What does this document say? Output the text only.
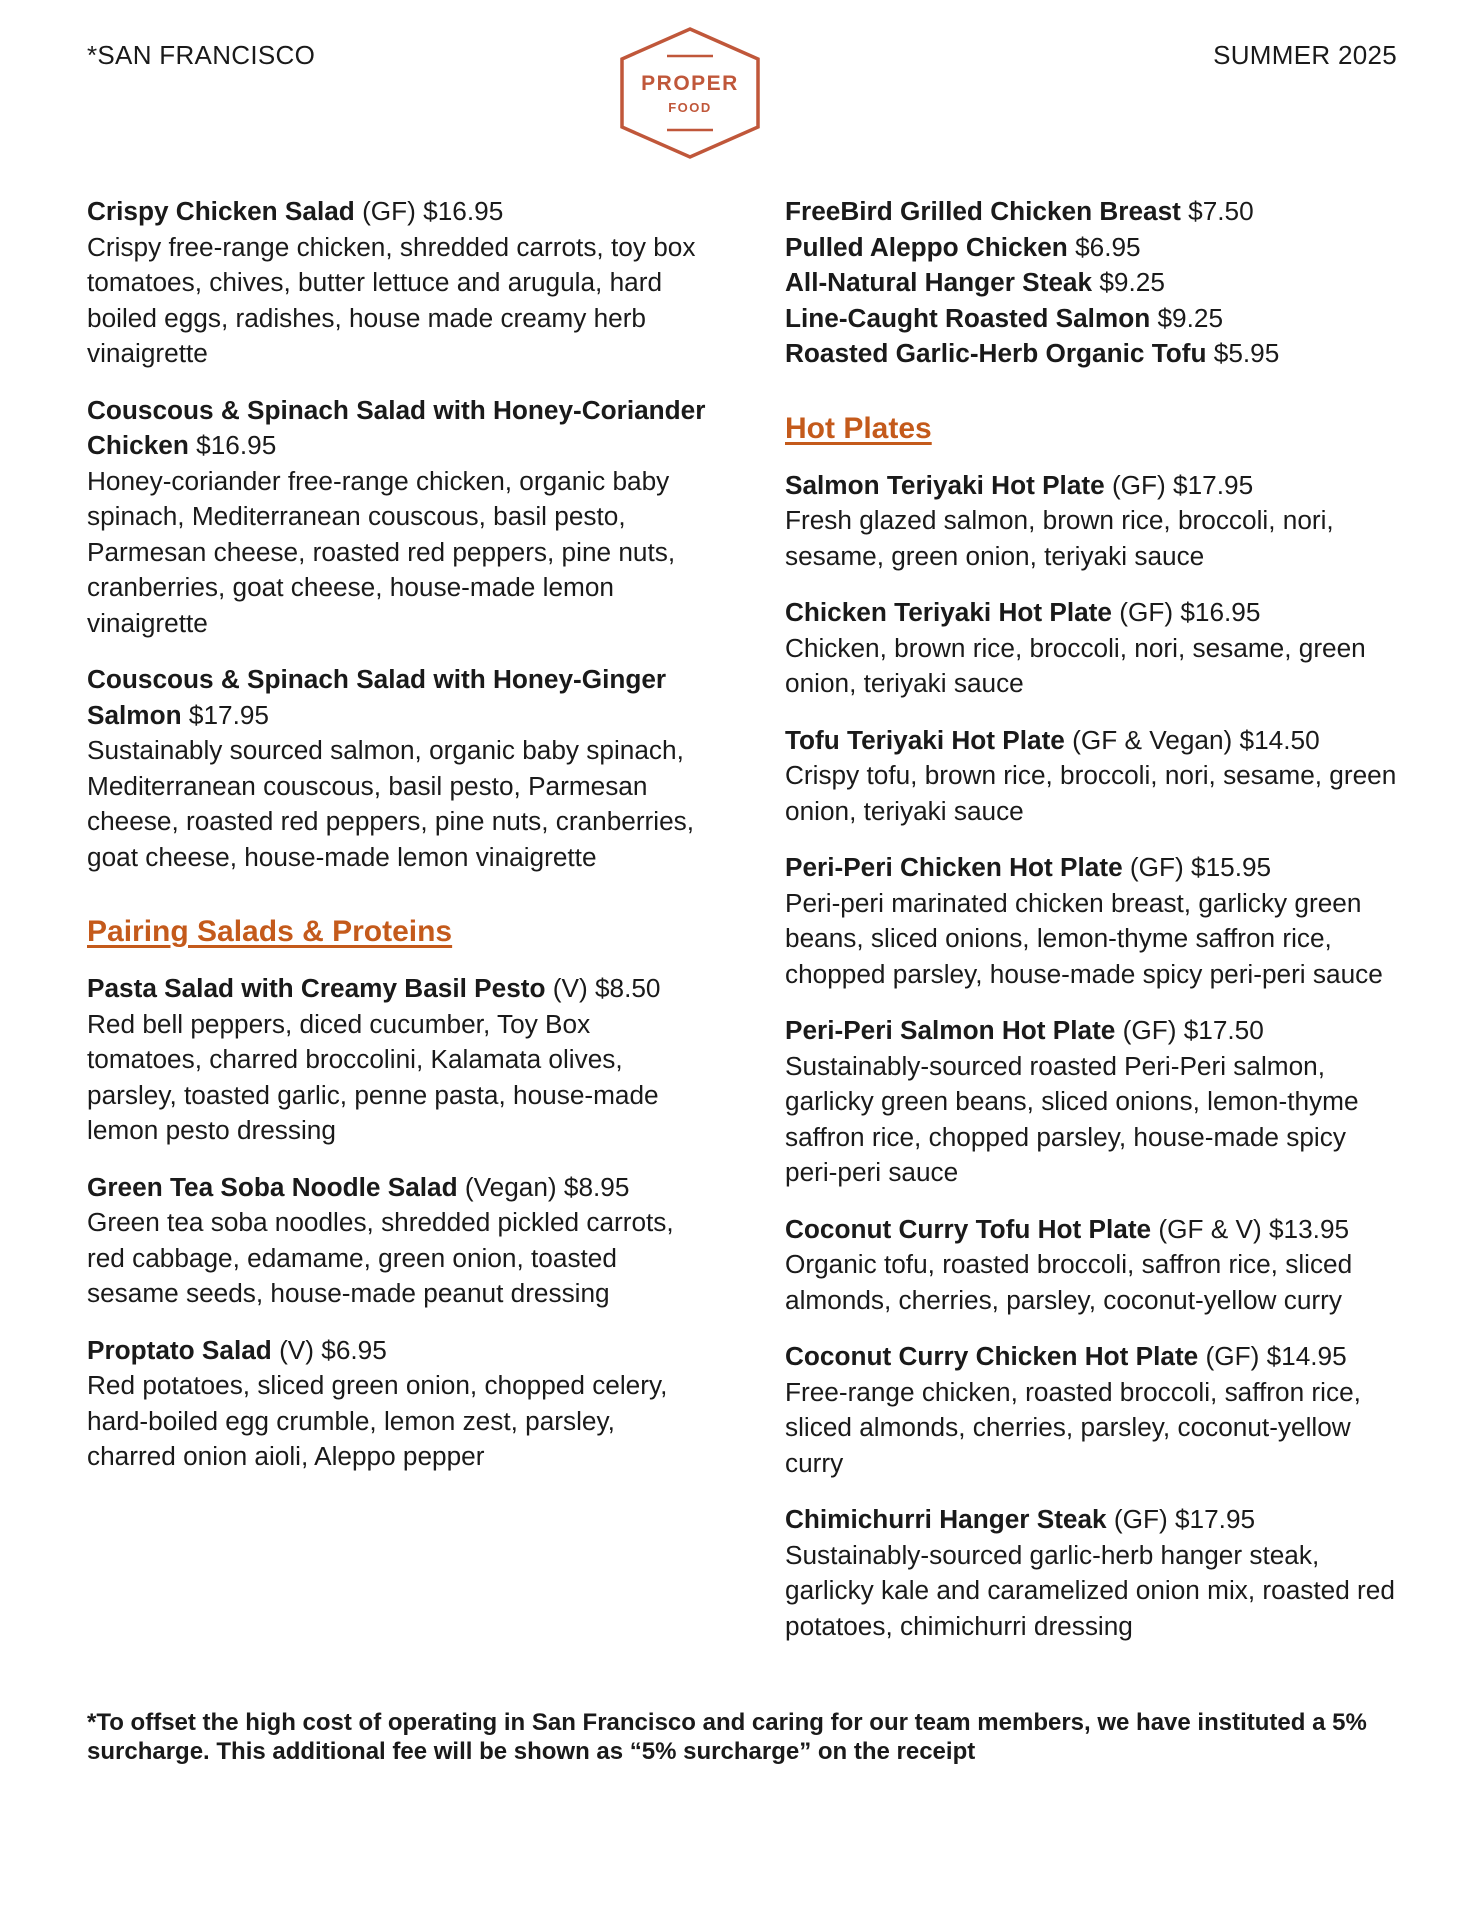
*SAN FRANCISCO
PROPER
FOOD
SUMMER 2025
Crispy Chicken Salad (GF) $16.95
Crispy free-range chicken, shredded carrots, toy box tomatoes, chives, butter lettuce and arugula, hard boiled eggs, radishes, house made creamy herb vinaigrette
Couscous & Spinach Salad with Honey-Coriander Chicken $16.95
Honey-coriander free-range chicken, organic baby spinach, Mediterranean couscous, basil pesto, Parmesan cheese, roasted red peppers, pine nuts, cranberries, goat cheese, house-made lemon vinaigrette
Couscous & Spinach Salad with Honey-Ginger Salmon $17.95
Sustainably sourced salmon, organic baby spinach, Mediterranean couscous, basil pesto, Parmesan cheese, roasted red peppers, pine nuts, cranberries, goat cheese, house-made lemon vinaigrette
Pairing Salads & Proteins
Pasta Salad with Creamy Basil Pesto (V) $8.50
Red bell peppers, diced cucumber, Toy Box tomatoes, charred broccolini, Kalamata olives, parsley, toasted garlic, penne pasta, house-made lemon pesto dressing
Green Tea Soba Noodle Salad (Vegan) $8.95
Green tea soba noodles, shredded pickled carrots, red cabbage, edamame, green onion, toasted sesame seeds, house-made peanut dressing
Proptato Salad (V) $6.95
Red potatoes, sliced green onion, chopped celery, hard-boiled egg crumble, lemon zest, parsley, charred onion aioli, Aleppo pepper
FreeBird Grilled Chicken Breast $7.50
Pulled Aleppo Chicken $6.95
All-Natural Hanger Steak $9.25
Line-Caught Roasted Salmon $9.25
Roasted Garlic-Herb Organic Tofu $5.95
Hot Plates
Salmon Teriyaki Hot Plate (GF) $17.95
Fresh glazed salmon, brown rice, broccoli, nori, sesame, green onion, teriyaki sauce
Chicken Teriyaki Hot Plate (GF) $16.95
Chicken, brown rice, broccoli, nori, sesame, green onion, teriyaki sauce
Tofu Teriyaki Hot Plate (GF & Vegan) $14.50
Crispy tofu, brown rice, broccoli, nori, sesame, green onion, teriyaki sauce
Peri-Peri Chicken Hot Plate (GF) $15.95
Peri-peri marinated chicken breast, garlicky green beans, sliced onions, lemon-thyme saffron rice, chopped parsley, house-made spicy peri-peri sauce
Peri-Peri Salmon Hot Plate (GF) $17.50
Sustainably-sourced roasted Peri-Peri salmon, garlicky green beans, sliced onions, lemon-thyme saffron rice, chopped parsley, house-made spicy peri-peri sauce
Coconut Curry Tofu Hot Plate (GF & V) $13.95
Organic tofu, roasted broccoli, saffron rice, sliced almonds, cherries, parsley, coconut-yellow curry
Coconut Curry Chicken Hot Plate (GF) $14.95
Free-range chicken, roasted broccoli, saffron rice, sliced almonds, cherries, parsley, coconut-yellow curry
Chimichurri Hanger Steak (GF) $17.95
Sustainably-sourced garlic-herb hanger steak, garlicky kale and caramelized onion mix, roasted red potatoes, chimichurri dressing
*To offset the high cost of operating in San Francisco and caring for our team members, we have instituted a 5% surcharge. This additional fee will be shown as “5% surcharge” on the receipt
